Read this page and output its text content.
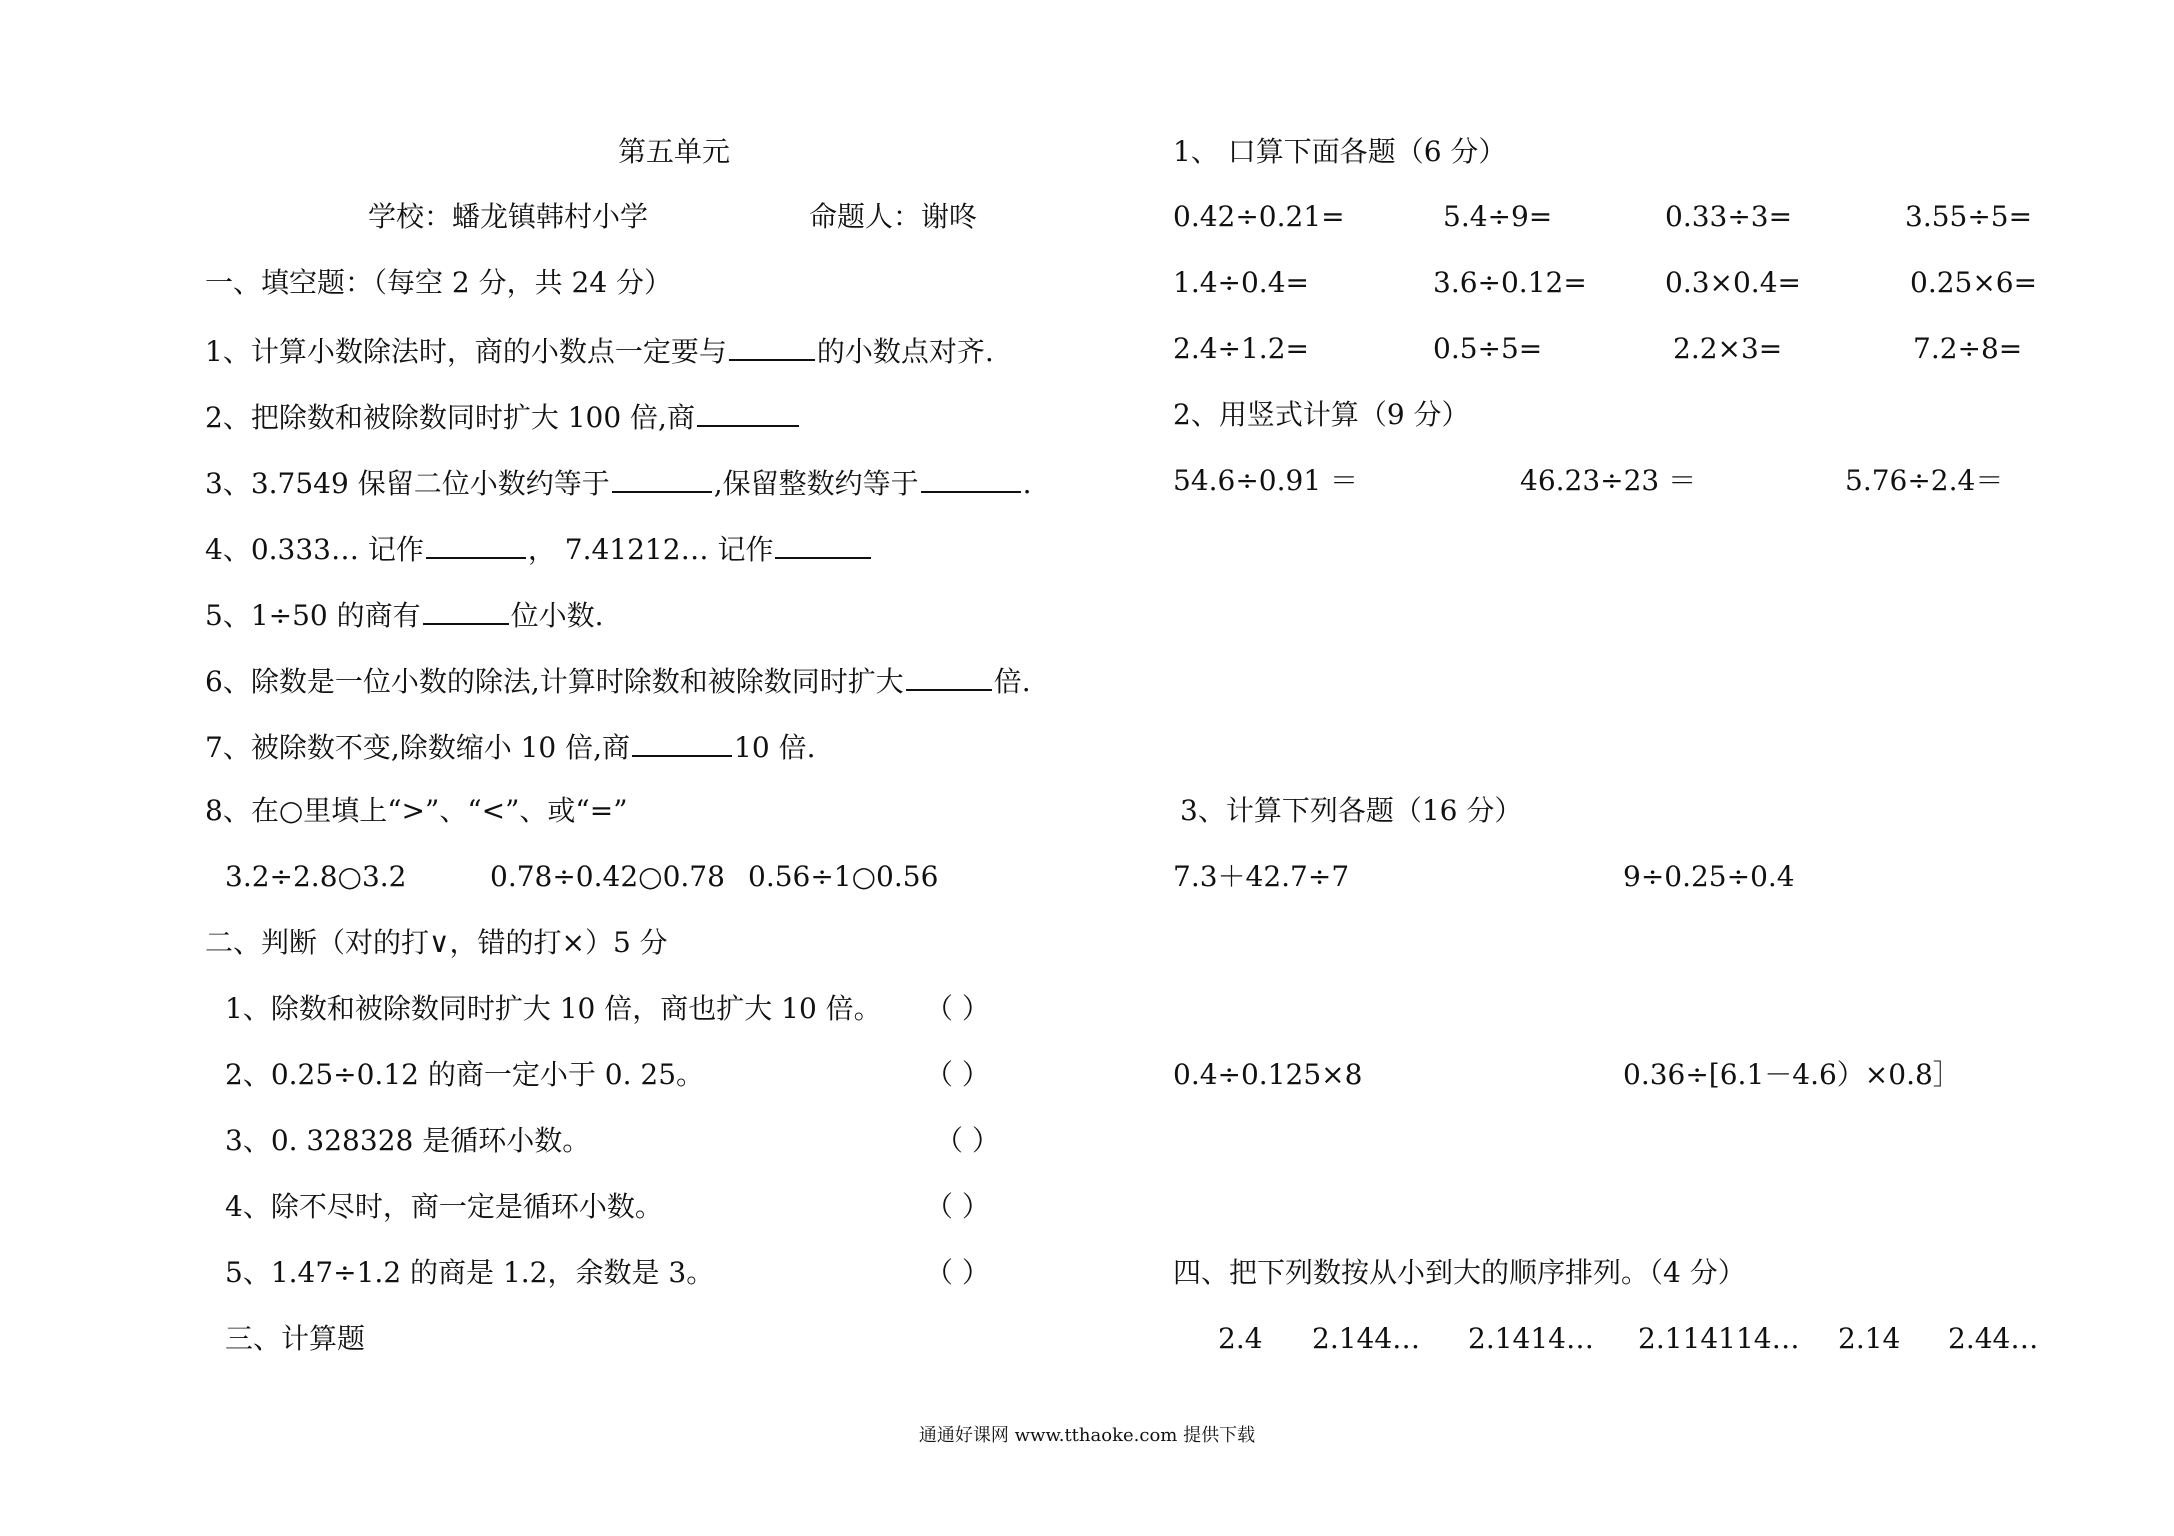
第五单元
学校：蟠龙镇韩村小学	命题人：谢咚
一、填空题：（每空 2 分，共 24 分）
1、计算小数除法时，商的小数点一定要与	的小数点对齐.
2、把除数和被除数同时扩大 100 倍,商
3、3.7549 保留二位小数约等于	,保留整数约等于	.
4、0.333… 记作	， 7.41212… 记作
5、1÷50 的商有	位小数.
6、除数是一位小数的除法,计算时除数和被除数同时扩大	倍.
7、被除数不变,除数缩小 10 倍,商	10 倍.
8、在○里填上“>”、“<”、或“=”
3.2÷2.8○3.2	0.78÷0.42○0.78 0.56÷1○0.56
二、判断（对的打∨，错的打×）5 分
1、除数和被除数同时扩大 10 倍，商也扩大 10 倍。 （ ）
2、0.25÷0.12 的商一定小于 0. 25。	（ ）
3、0. 328328 是循环小数。	（ ）
4、除不尽时，商一定是循环小数。	（ ）
5、1.47÷1.2 的商是 1.2，余数是 3。	（ ）
三、计算题
1、 口算下面各题（6 分）
0.42÷0.21=	5.4÷9=	0.33÷3=	3.55÷5=
1.4÷0.4=	3.6÷0.12=	0.3×0.4=	0.25×6=
2.4÷1.2=	0.5÷5=	2.2×3=	7.2÷8=
2、用竖式计算（9 分）
54.6÷0.91 ＝	46.23÷23 ＝	5.76÷2.4＝
3、计算下列各题（16 分）
7.3＋42.7÷7	9÷0.25÷0.4
0.4÷0.125×8	0.36÷[6.1－4.6）×0.8］
四、把下列数按从小到大的顺序排列。（4 分）
2.4 2.144… 2.1414… 2.114114… 2.14 2.44…
通通好课网 www.tthaoke.com 提供下载
